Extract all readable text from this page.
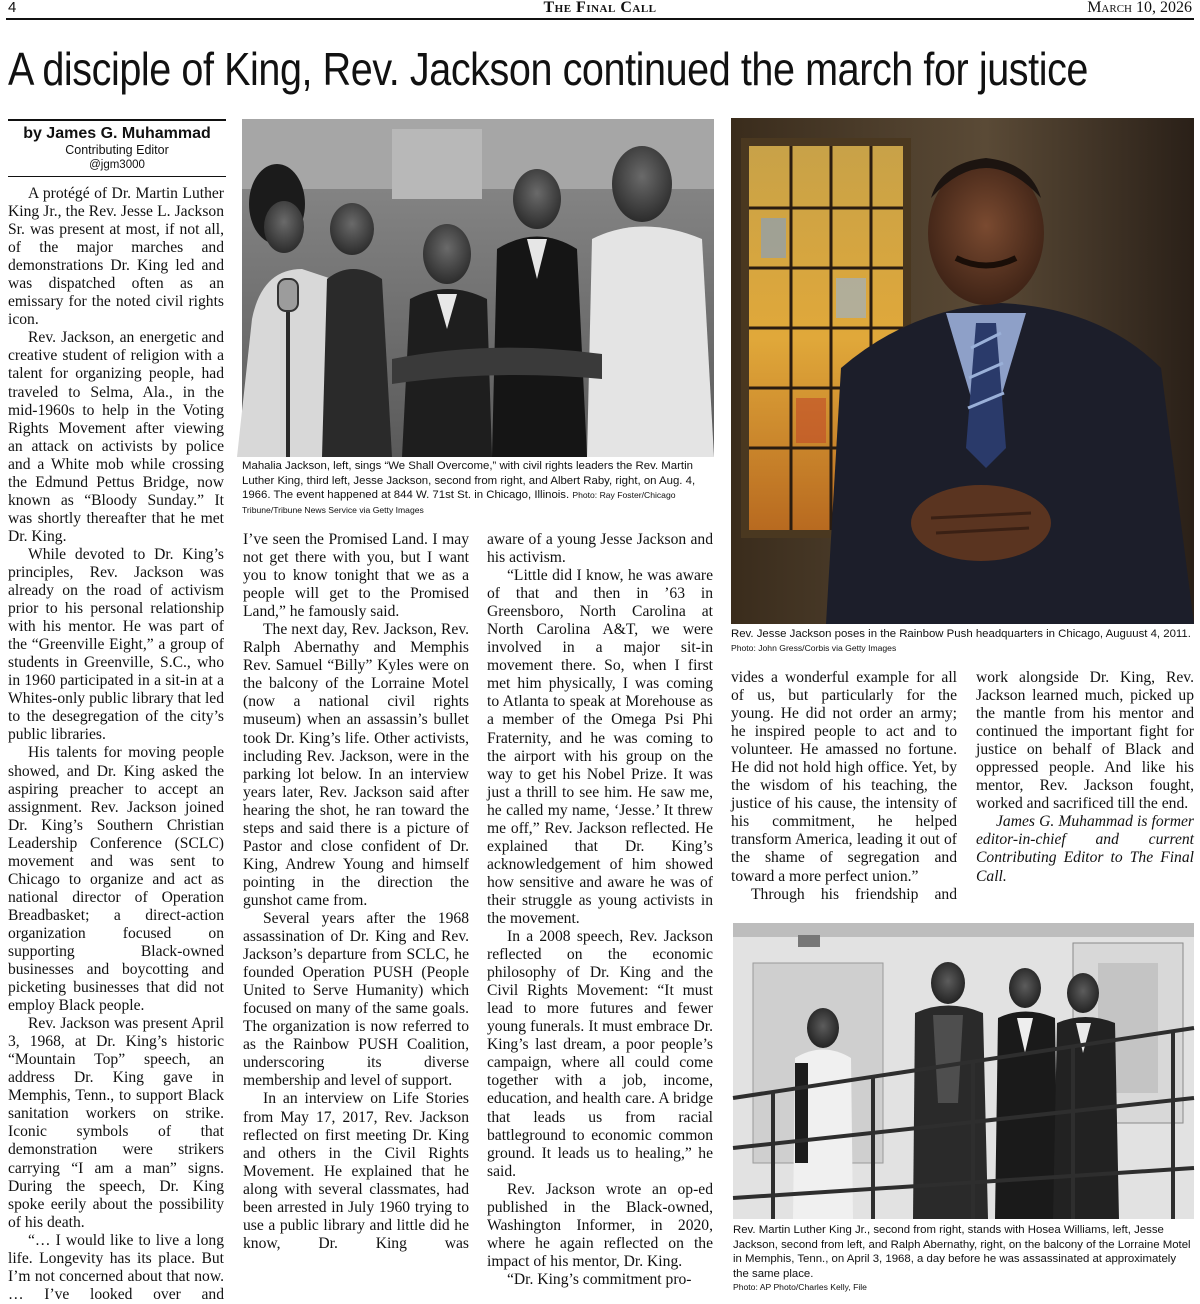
4	The Final Call	March 10, 2026
A disciple of King, Rev. Jackson continued the march for justice
by James G. Muhammad
Contributing Editor
@jgm3000

A protégé of Dr. Martin Luther King Jr., the Rev. Jesse L. Jackson Sr. was present at most, if not all, of the major marches and demonstrations Dr. King led and was dispatched often as an emissary for the noted civil rights icon.

Rev. Jackson, an energetic and creative student of religion with a talent for organizing people, had traveled to Selma, Ala., in the mid-1960s to help in the Voting Rights Movement after viewing an attack on activists by police and a White mob while crossing the Edmund Pettus Bridge, now known as “Bloody Sunday.” It was shortly thereafter that he met Dr. King.

While devoted to Dr. King’s principles, Rev. Jackson was already on the road of activism prior to his personal relationship with his mentor. He was part of the “Greenville Eight,” a group of students in Greenville, S.C., who in 1960 participated in a sit-in at a Whites-only public library that led to the desegregation of the city’s public libraries.

His talents for moving people showed, and Dr. King asked the aspiring preacher to accept an assignment. Rev. Jackson joined Dr. King’s Southern Christian Leadership Conference (SCLC) movement and was sent to Chicago to organize and act as national director of Operation Breadbasket; a direct-action organization focused on supporting Black-owned businesses and boycotting and picketing businesses that did not employ Black people.

Rev. Jackson was present April 3, 1968, at Dr. King’s historic “Mountain Top” speech, an address Dr. King gave in Memphis, Tenn., to support Black sanitation workers on strike. Iconic symbols of that demonstration were strikers carrying “I am a man” signs. During the speech, Dr. King spoke eerily about the possibility of his death.

“… I would like to live a long life. Longevity has its place. But I’m not concerned about that now. … I’ve looked over and

Mahalia Jackson, left, sings “We Shall Overcome,” with civil rights leaders the Rev. Martin Luther King, third left, Jesse Jackson, second from right, and Albert Raby, right, on Aug. 4, 1966. The event happened at 844 W. 71st St. in Chicago, Illinois. Photo: Ray Foster/Chicago Tribune/Tribune News Service via Getty Images

I’ve seen the Promised Land. I may not get there with you, but I want you to know tonight that we as a people will get to the Promised Land,” he famously said.

The next day, Rev. Jackson, Rev. Ralph Abernathy and Memphis Rev. Samuel “Billy” Kyles were on the balcony of the Lorraine Motel (now a national civil rights museum) when an assassin’s bullet took Dr. King’s life. Other activists, including Rev. Jackson, were in the parking lot below. In an interview years later, Rev. Jackson said after hearing the shot, he ran toward the steps and said there is a picture of Pastor and close confident of Dr. King, Andrew Young and himself pointing in the direction the gunshot came from.

Several years after the 1968 assassination of Dr. King and Rev. Jackson’s departure from SCLC, he founded Operation PUSH (People United to Serve Humanity) which focused on many of the same goals. The organization is now referred to as the Rainbow PUSH Coalition, underscoring its diverse membership and level of support.

In an interview on Life Stories from May 17, 2017, Rev. Jackson reflected on first meeting Dr. King and others in the Civil Rights Movement. He explained that he along with several classmates, had been arrested in July 1960 trying to use a public library and little did he know, Dr. King was

aware of a young Jesse Jackson and his activism.

“Little did I know, he was aware of that and then in ’63 in Greensboro, North Carolina at North Carolina A&T, we were involved in a major sit-in movement there. So, when I first met him physically, I was coming to Atlanta to speak at Morehouse as a member of the Omega Psi Phi Fraternity, and he was coming to the airport with his group on the way to get his Nobel Prize. It was just a thrill to see him. He saw me, he called my name, ‘Jesse.’ It threw me off,” Rev. Jackson reflected. He explained that Dr. King’s acknowledgement of him showed how sensitive and aware he was of their struggle as young activists in the movement.

In a 2008 speech, Rev. Jackson reflected on the economic philosophy of Dr. King and the Civil Rights Movement: “It must lead to more futures and fewer young funerals. It must embrace Dr. King’s last dream, a poor people’s campaign, where all could come together with a job, income, education, and health care. A bridge that leads us from racial battleground to economic common ground. It leads us to healing,” he said.

Rev. Jackson wrote an op-ed published in the Black-owned, Washington Informer, in 2020, where he again reflected on the impact of his mentor, Dr. King.

“Dr. King’s commitment pro-

Rev. Jesse Jackson poses in the Rainbow Push headquarters in Chicago, Auguust 4, 2011.
Photo: John Gress/Corbis via Getty Images

vides a wonderful example for all of us, but particularly for the young. He did not order an army; he inspired people to act and to volunteer. He amassed no fortune. He did not hold high office. Yet, by the wisdom of his teaching, the justice of his cause, the intensity of his commitment, he helped transform America, leading it out of the shame of segregation and toward a more perfect union.”

Through his friendship and

work alongside Dr. King, Rev. Jackson learned much, picked up the mantle from his mentor and continued the important fight for justice on behalf of Black and oppressed people. And like his mentor, Rev. Jackson fought, worked and sacrificed till the end.

James G. Muhammad is former editor-in-chief and current Contributing Editor to The Final Call.

Rev. Martin Luther King Jr., second from right, stands with Hosea Williams, left, Jesse Jackson, second from left, and Ralph Abernathy, right, on the balcony of the Lorraine Motel in Memphis, Tenn., on April 3, 1968, a day before he was assassinated at approximately the same place.
Photo: AP Photo/Charles Kelly, File
